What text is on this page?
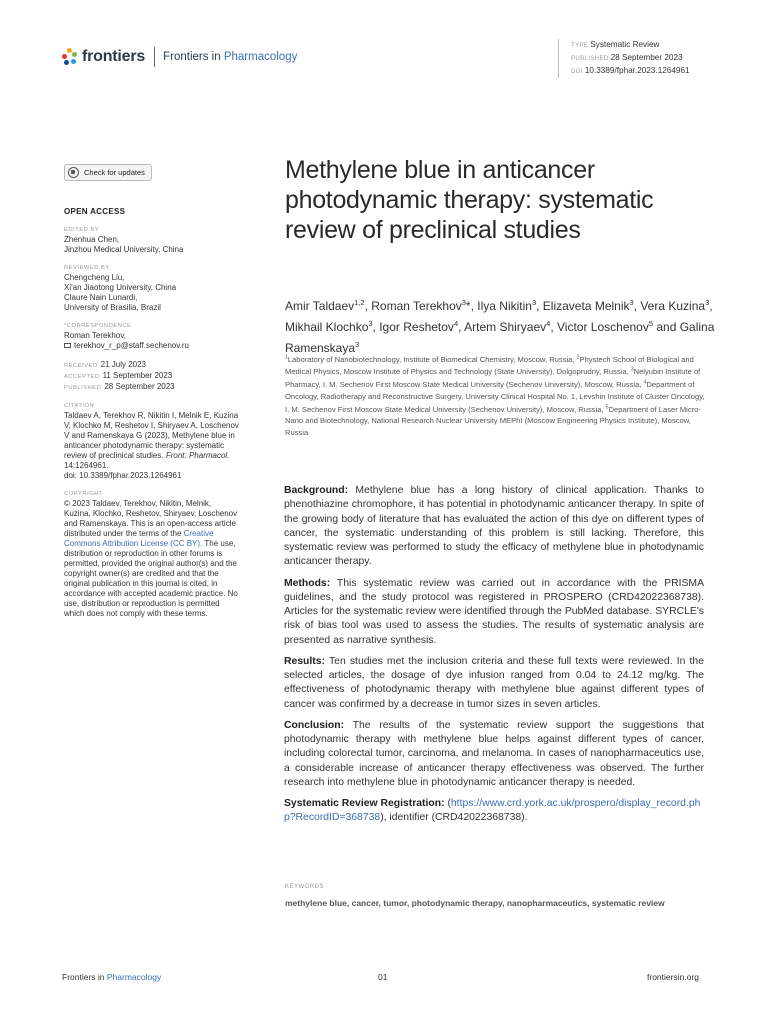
frontiers Frontiers in Pharmacology
TYPE Systematic Review
PUBLISHED 28 September 2023
DOI 10.3389/fphar.2023.1264961
Check for updates
OPEN ACCESS
EDITED BY
Zhenhua Chen,
Jinzhou Medical University, China
REVIEWED BY
Chengcheng Liu,
Xi'an Jiaotong University, China
Claure Nain Lunardi,
University of Brasilia, Brazil
*CORRESPONDENCE
Roman Terekhov,
terekhov_r_p@staff.sechenov.ru
RECEIVED 21 July 2023
ACCEPTED 11 September 2023
PUBLISHED 28 September 2023
CITATION
Taldaev A, Terekhov R, Nikitin I, Melnik E, Kuzina V, Klochko M, Reshetov I, Shiryaev A, Loschenov V and Ramenskaya G (2023), Methylene blue in anticancer photodynamic therapy: systematic review of preclinical studies. Front. Pharmacol. 14:1264961.
doi: 10.3389/fphar.2023.1264961
COPYRIGHT
© 2023 Taldaev, Terekhov, Nikitin, Melnik, Kuzina, Klochko, Reshetov, Shiryaev, Loschenov and Ramenskaya. This is an open-access article distributed under the terms of the Creative Commons Attribution License (CC BY). The use, distribution or reproduction in other forums is permitted, provided the original author(s) and the copyright owner(s) are credited and that the original publication in this journal is cited, in accordance with accepted academic practice. No use, distribution or reproduction is permitted which does not comply with these terms.
Methylene blue in anticancer photodynamic therapy: systematic review of preclinical studies
Amir Taldaev$^{1,2}$, Roman Terekhov$^3$*, Ilya Nikitin$^3$, Elizaveta Melnik$^3$, Vera Kuzina$^3$, Mikhail Klochko$^3$, Igor Reshetov$^4$, Artem Shiryaev$^4$, Victor Loschenov$^5$ and Galina Ramenskaya$^3$
$^1$Laboratory of Nanobiotechnology, Institute of Biomedical Chemistry, Moscow, Russia, $^2$Phystech School of Biological and Medical Physics, Moscow Institute of Physics and Technology (State University), Dolgoprudny, Russia, $^3$Nelyubin Institute of Pharmacy, I. M. Sechenov First Moscow State Medical University (Sechenov University), Moscow, Russia, $^4$Department of Oncology, Radiotherapy and Reconstructive Surgery, University Clinical Hospital No. 1, Levshin Institute of Cluster Oncology, I. M. Sechenov First Moscow State Medical University (Sechenov University), Moscow, Russia, $^5$Department of Laser Micro-Nano and Biotechnology, National Research Nuclear University MEPhI (Moscow Engineering Physics Institute), Moscow, Russia

Background: Methylene blue has a long history of clinical application. Thanks to phenothiazine chromophore, it has potential in photodynamic anticancer therapy. In spite of the growing body of literature that has evaluated the action of this dye on different types of cancer, the systematic understanding of this problem is still lacking. Therefore, this systematic review was performed to study the efficacy of methylene blue in photodynamic anticancer therapy.

Methods: This systematic review was carried out in accordance with the PRISMA guidelines, and the study protocol was registered in PROSPERO (CRD42022368738). Articles for the systematic review were identified through the PubMed database. SYRCLE's risk of bias tool was used to assess the studies. The results of systematic analysis are presented as narrative synthesis.

Results: Ten studies met the inclusion criteria and these full texts were reviewed. In the selected articles, the dosage of dye infusion ranged from 0.04 to 24.12 mg/kg. The effectiveness of photodynamic therapy with methylene blue against different types of cancer was confirmed by a decrease in tumor sizes in seven articles.

Conclusion: The results of the systematic review support the suggestions that photodynamic therapy with methylene blue helps against different types of cancer, including colorectal tumor, carcinoma, and melanoma. In cases of nanopharmaceutics use, a considerable increase of anticancer therapy effectiveness was observed. The further research into methylene blue in photodynamic anticancer therapy is needed.

Systematic Review Registration: (https://www.crd.york.ac.uk/prospero/display_record.php?RecordID=368738), identifier (CRD42022368738).

KEYWORDS
methylene blue, cancer, tumor, photodynamic therapy, nanopharmaceutics, systematic review
Frontiers in Pharmacology	01	frontiersin.org
